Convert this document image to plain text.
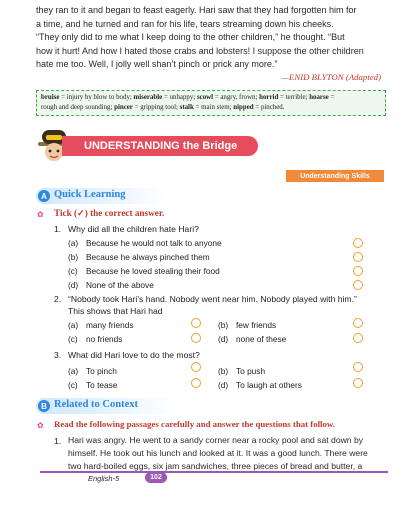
they ran to it and began to feast eagerly. Hari saw that they had forgotten him for
a time, and he turned and ran for his life, tears streaming down his cheeks.
“They only did to me what I keep doing to the other children,” he thought. “But
how it hurt! And how I hated those crabs and lobsters! I suppose the other children
hate me too. Well, I jolly well shan’t pinch or prick any more.”
—ENID BLYTON (Adapted)
bruise = injury by blow to body; miserable = unhappy; scowl = angry, frown; horrid = terrible; hoarse =
rough and deep sounding; pincer = gripping tool; stalk = main stem; nipped = pinched.
UNDERSTANDING the Bridge
Understanding Skills
A Quick Learning
✿ Tick (✓) the correct answer.
1. Why did all the children hate Hari?
(a) Because he would not talk to anyone
(b) Because he always pinched them
(c) Because he loved stealing their food
(d) None of the above
2. “Nobody took Hari’s hand. Nobody went near him. Nobody played with him.”
This shows that Hari had
(a) many friends	(b) few friends
(c) no friends	(d) none of these
3. What did Hari love to do the most?
(a) To pinch	(b) To push
(c) To tease	(d) To laugh at others
B Related to Context
✿ Read the following passages carefully and answer the questions that follow.
1. Hari was angry. He went to a sandy corner near a rocky pool and sat down by
himself. He took out his lunch and looked at it. It was a good lunch. There were
two hard-boiled eggs, six jam sandwiches, three pieces of bread and butter, a
English-5	102
